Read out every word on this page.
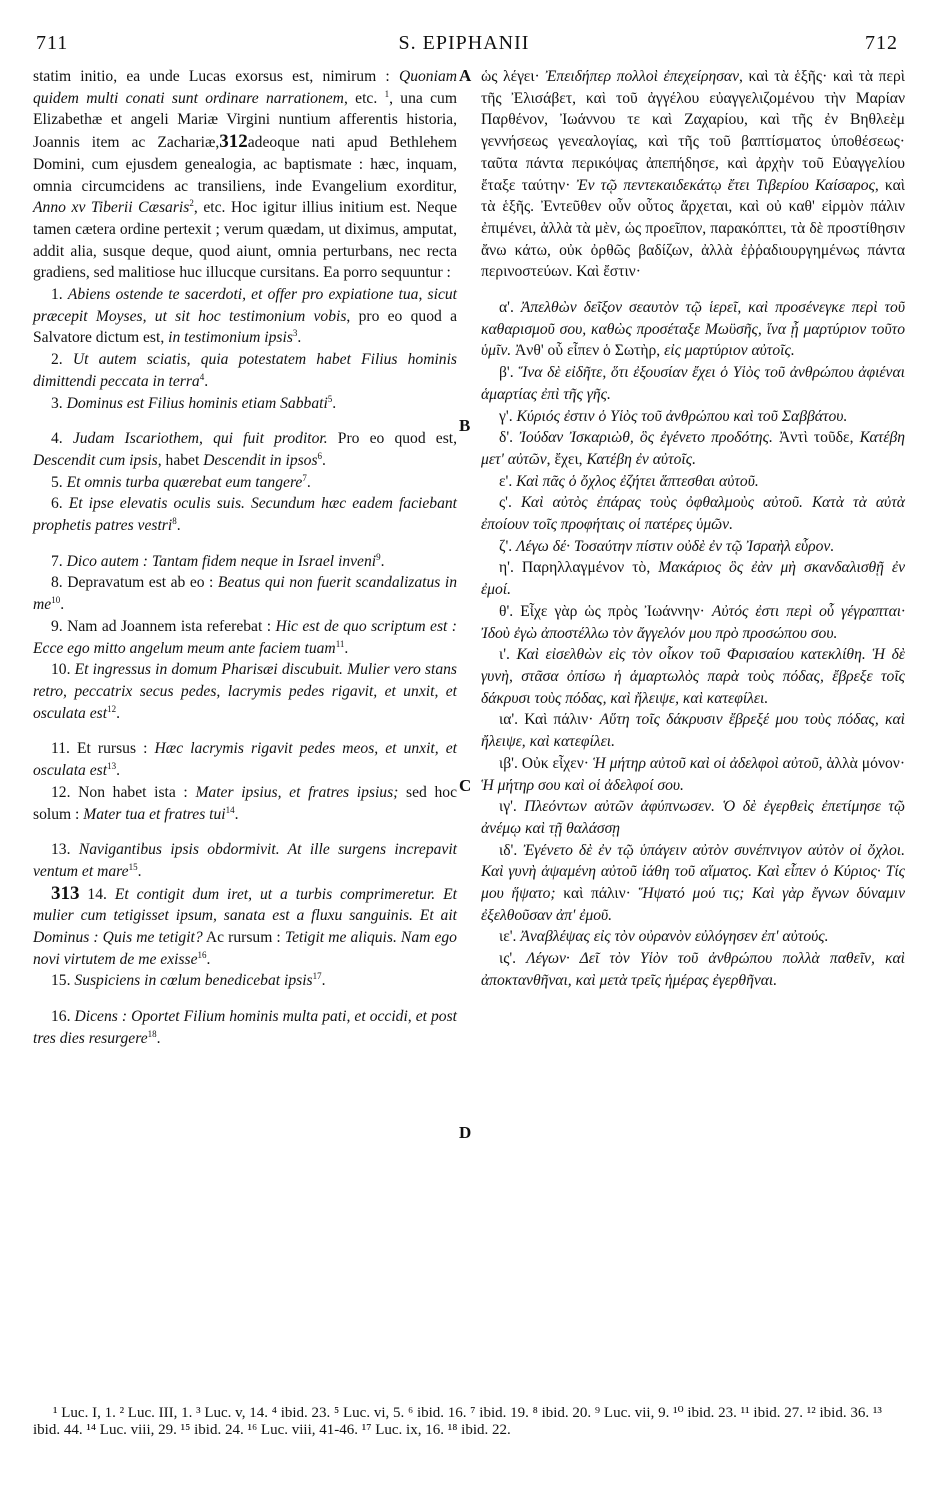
711	S. EPIPHANII	712
A
B
C
D

statim initio, ea unde Lucas exorsus est, nimirum : Quoniam quidem multi conati sunt ordinare narrationem, etc. $^1$, una cum Elizabethæ et angeli Mariæ Virgini nuntium afferentis historia, Joannis item ac Zachariæ,312adeoque nati apud Bethlehem Domini, cum ejusdem genealogia, ac baptismate : hæc, inquam, omnia circumcidens ac transiliens, inde Evangelium exorditur, Anno xv Tiberii Cæsaris$^2$, etc. Hoc igitur illius initium est. Neque tamen cætera ordine pertexit ; verum quædam, ut diximus, amputat, addit alia, susque deque, quod aiunt, omnia perturbans, nec recta gradiens, sed malitiose huc illucque cursitans. Ea porro sequuntur :

1. Abiens ostende te sacerdoti, et offer pro expiatione tua, sicut præcepit Moyses, ut sit hoc testimonium vobis, pro eo quod a Salvatore dictum est, in testimonium ipsis$^3$.

2. Ut autem sciatis, quia potestatem habet Filius hominis dimittendi peccata in terra$^4$.

3. Dominus est Filius hominis etiam Sabbati$^5$.

4. Judam Iscariothem, qui fuit proditor. Pro eo quod est, Descendit cum ipsis, habet Descendit in ipsos$^6$.

5. Et omnis turba quærebat eum tangere$^7$.

6. Et ipse elevatis oculis suis. Secundum hæc eadem faciebant prophetis patres vestri$^8$.

7. Dico autem : Tantam fidem neque in Israel inveni$^9$.

8. Depravatum est ab eo : Beatus qui non fuerit scandalizatus in $me^{10}$.

9. Nam ad Joannem ista referebat : Hic est de quo scriptum est : Ecce ego mitto angelum meum ante faciem tuam$^{11}$.

10. Et ingressus in domum Pharisæi discubuit. Mulier vero stans retro, peccatrix secus pedes, lacrymis pedes rigavit, et unxit, et osculata est$^{12}$.

11. Et rursus : Hæc lacrymis rigavit pedes meos, et unxit, et osculata est$^{13}$.

12. Non habet ista : Mater ipsius, et fratres ipsius; sed hoc solum : Mater tua et fratres tui$^{14}$.

13. Navigantibus ipsis obdormivit. At ille surgens increpavit ventum et mare$^{15}$.

313 14. Et contigit dum iret, ut a turbis comprimeretur. Et mulier cum tetigisset ipsum, sanata est a fluxu sanguinis. Et ait Dominus : Quis me tetigit? Ac rursum : Tetigit me aliquis. Nam ego novi virtutem de me exisse$^{16}$.

15. Suspiciens in cœlum benedicebat ipsis$^{17}$.

16. Dicens : Oportet Filium hominis multa pati, et occidi, et post tres dies resurgere$^{18}$.

ὡς λέγει· Ἐπειδήπερ πολλοὶ ἐπεχείρησαν, καὶ τὰ ἑξῆς· καὶ τὰ περὶ τῆς Ἐλισάβετ, καὶ τοῦ ἀγγέλου εὐαγγελιζομένου τὴν Μαρίαν Παρθένον, Ἰωάννου τε καὶ Ζαχαρίου, καὶ τῆς ἐν Βηθλεὲμ γεννήσεως γενεαλογίας, καὶ τῆς τοῦ βαπτίσματος ὑποθέσεως· ταῦτα πάντα περικόψας ἀπεπήδησε, καὶ ἀρχὴν τοῦ Εὐαγγελίου ἔταξε ταύτην· Ἐν τῷ πεντεκαιδεκάτῳ ἔτει Τιβερίου Καίσαρος, καὶ τὰ ἑξῆς. Ἐντεῦθεν οὖν οὗτος ἄρχεται, καὶ οὐ καθ' εἱρμὸν πάλιν ἐπιμένει, ἀλλὰ τὰ μὲν, ὡς προεῖπον, παρακόπτει, τὰ δὲ προστίθησιν ἄνω κάτω, οὐκ ὀρθῶς βαδίζων, ἀλλὰ ἐῤῥαδιουργημένως πάντα περινοστεύων. Καὶ ἔστιν·

α'. Ἀπελθὼν δεῖξον σεαυτὸν τῷ ἱερεῖ, καὶ προσένεγκε περὶ τοῦ καθαρισμοῦ σου, καθὼς προσέταξε Μωϋσῆς, ἵνα ᾖ μαρτύριον τοῦτο ὑμῖν. Ἀνθ' οὗ εἶπεν ὁ Σωτὴρ, εἰς μαρτύριον αὐτοῖς.

β'. Ἵνα δὲ εἰδῆτε, ὅτι ἐξουσίαν ἔχει ὁ Υἱὸς τοῦ ἀνθρώπου ἀφιέναι ἁμαρτίας ἐπὶ τῆς γῆς.

γ'. Κύριός ἐστιν ὁ Υἱὸς τοῦ ἀνθρώπου καὶ τοῦ Σαββάτου.

δ'. Ἰούδαν Ἰσκαριὼθ, ὃς ἐγένετο προδότης. Ἀντὶ τοῦδε, Κατέβη μετ' αὐτῶν, ἔχει, Κατέβη ἐν αὐτοῖς.

ε'. Καὶ πᾶς ὁ ὄχλος ἐζήτει ἅπτεσθαι αὐτοῦ.

ς'. Καὶ αὐτὸς ἐπάρας τοὺς ὀφθαλμοὺς αὐτοῦ. Κατὰ τὰ αὐτὰ ἐποίουν τοῖς προφήταις οἱ πατέρες ὑμῶν.

ζ'. Λέγω δέ· Τοσαύτην πίστιν οὐδὲ ἐν τῷ Ἰσραὴλ εὗρον.

η'. Παρηλλαγμένον τὸ, Μακάριος ὃς ἐὰν μὴ σκανδαλισθῇ ἐν ἐμοί.

θ'. Εἶχε γὰρ ὡς πρὸς Ἰωάννην· Αὐτός ἐστι περὶ οὗ γέγραπται· Ἰδοὺ ἐγὼ ἀποστέλλω τὸν ἄγγελόν μου πρὸ προσώπου σου.

ι'. Καὶ εἰσελθὼν εἰς τὸν οἶκον τοῦ Φαρισαίου κατεκλίθη. Ἡ δὲ γυνὴ, στᾶσα ὀπίσω ἡ ἁμαρτωλὸς παρὰ τοὺς πόδας, ἔβρεξε τοῖς δάκρυσι τοὺς πόδας, καὶ ἤλειψε, καὶ κατεφίλει.

ια'. Καὶ πάλιν· Αὕτη τοῖς δάκρυσιν ἔβρεξέ μου τοὺς πόδας, καὶ ἤλειψε, καὶ κατεφίλει.

ιβ'. Οὐκ εἶχεν· Ἡ μήτηρ αὐτοῦ καὶ οἱ ἀδελφοὶ αὐτοῦ, ἀλλὰ μόνον· Ἡ μήτηρ σου καὶ οἱ ἀδελφοί σου.

ιγ'. Πλεόντων αὐτῶν ἀφύπνωσεν. Ὁ δὲ ἐγερθεὶς ἐπετίμησε τῷ ἀνέμῳ καὶ τῇ θαλάσσῃ

ιδ'. Ἐγένετο δὲ ἐν τῷ ὑπάγειν αὐτὸν συνέπνιγον αὐτὸν οἱ ὄχλοι. Καὶ γυνὴ ἁψαμένη αὐτοῦ ἰάθη τοῦ αἵματος. Καὶ εἶπεν ὁ Κύριος· Τίς μου ἥψατο; καὶ πάλιν· Ἥψατό μού τις; Καὶ γὰρ ἔγνων δύναμιν ἐξελθοῦσαν ἀπ' ἐμοῦ.

ιε'. Ἀναβλέψας εἰς τὸν οὐρανὸν εὐλόγησεν ἐπ' αὐτούς.

ις'. Λέγων· Δεῖ τὸν Υἱὸν τοῦ ἀνθρώπου πολλὰ παθεῖν, καὶ ἀποκτανθῆναι, καὶ μετὰ τρεῖς ἡμέρας ἐγερθῆναι.

¹ Luc. I, 1. ² Luc. III, 1. ³ Luc. v, 14. ⁴ ibid. 23. ⁵ Luc. vi, 5. ⁶ ibid. 16. ⁷ ibid. 19. ⁸ ibid. 20. ⁹ Luc. vii, 9. ¹⁰ ibid. 23. ¹¹ ibid. 27. ¹² ibid. 36. ¹³ ibid. 44. ¹⁴ Luc. viii, 29. ¹⁵ ibid. 24. ¹⁶ Luc. viii, 41-46. ¹⁷ Luc. ix, 16. ¹⁸ ibid. 22.
